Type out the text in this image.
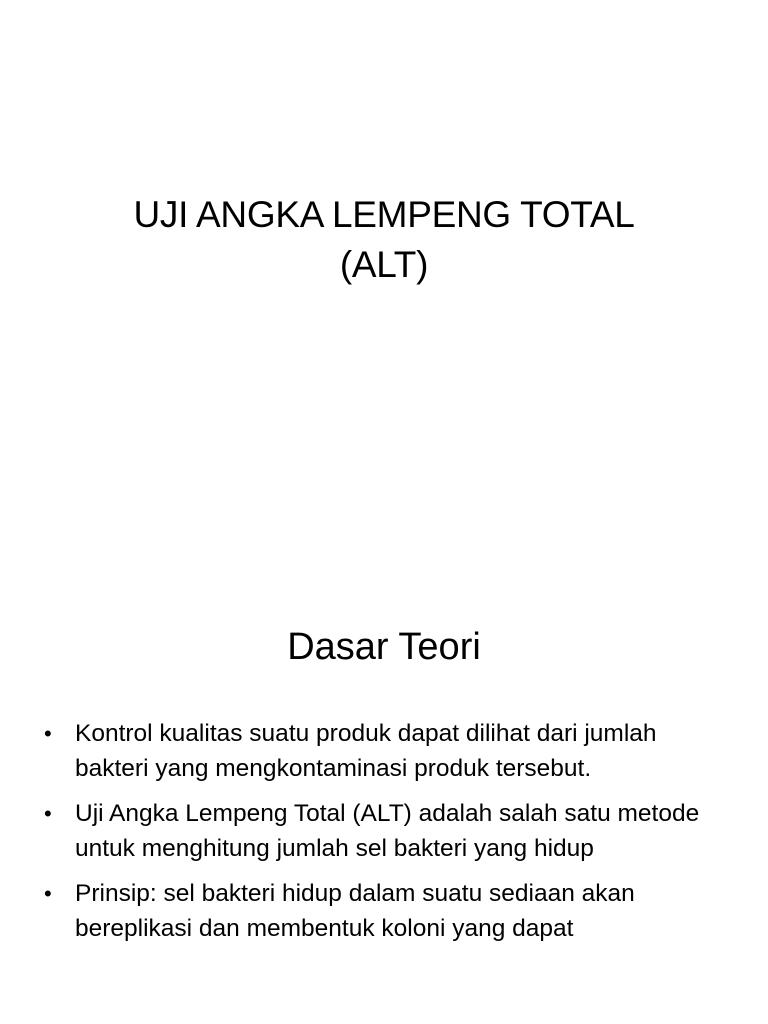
UJI ANGKA LEMPENG TOTAL
(ALT)
Dasar Teori
• Kontrol kualitas suatu produk dapat dilihat dari jumlah bakteri yang mengkontaminasi produk tersebut.
• Uji Angka Lempeng Total (ALT) adalah salah satu metode untuk menghitung jumlah sel bakteri yang hidup
• Prinsip: sel bakteri hidup dalam suatu sediaan akan bereplikasi dan membentuk koloni yang dapat
